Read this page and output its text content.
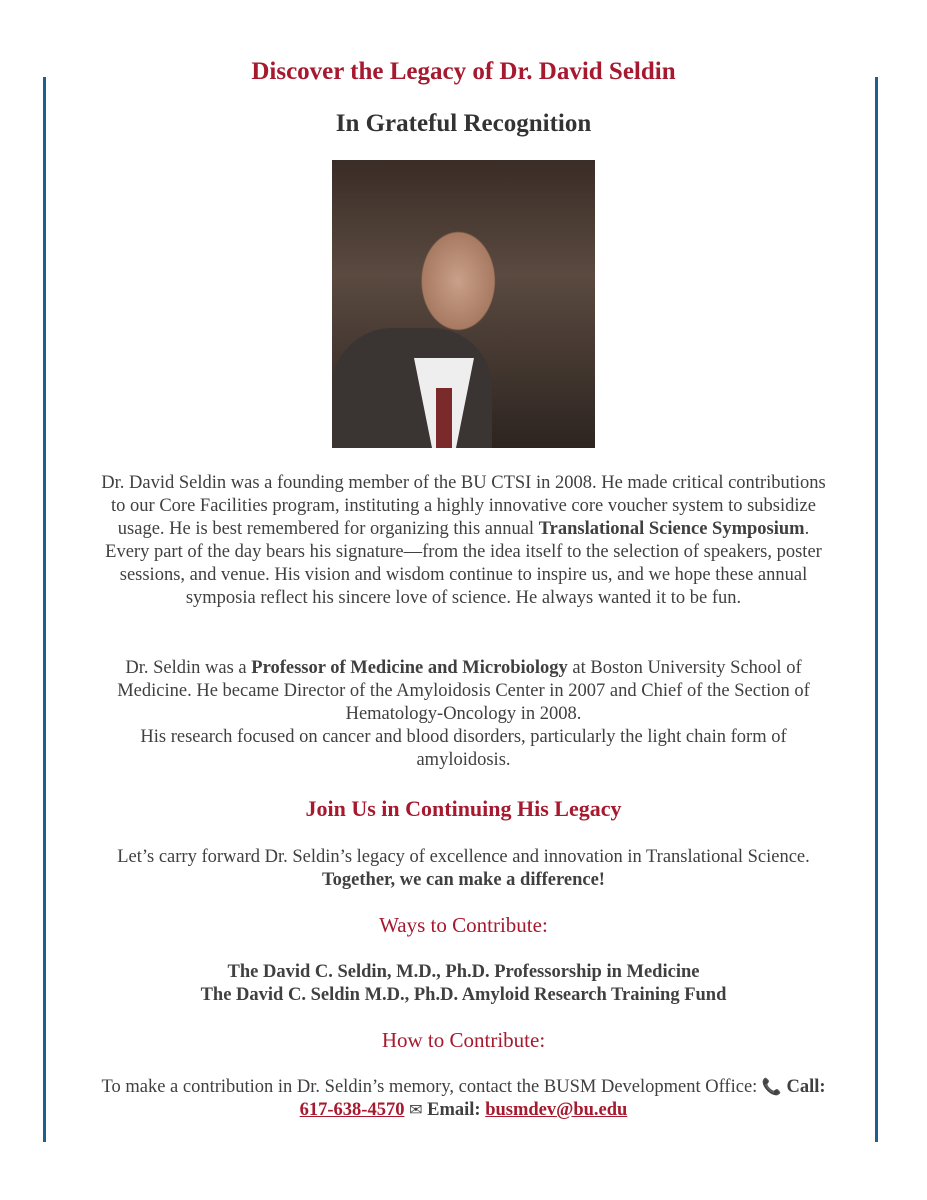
Discover the Legacy of Dr. David Seldin
In Grateful Recognition

Dr. David Seldin was a founding member of the BU CTSI in 2008. He made critical contributions to our Core Facilities program, instituting a highly innovative core voucher system to subsidize usage. He is best remembered for organizing this annual Translational Science Symposium. Every part of the day bears his signature—from the idea itself to the selection of speakers, poster sessions, and venue. His vision and wisdom continue to inspire us, and we hope these annual symposia reflect his sincere love of science. He always wanted it to be fun.

Dr. Seldin was a Professor of Medicine and Microbiology at Boston University School of Medicine. He became Director of the Amyloidosis Center in 2007 and Chief of the Section of Hematology-Oncology in 2008.
His research focused on cancer and blood disorders, particularly the light chain form of amyloidosis.

Join Us in Continuing His Legacy

Let’s carry forward Dr. Seldin’s legacy of excellence and innovation in Translational Science. Together, we can make a difference!

Ways to Contribute:

The David C. Seldin, M.D., Ph.D. Professorship in Medicine
The David C. Seldin M.D., Ph.D. Amyloid Research Training Fund

How to Contribute:

To make a contribution in Dr. Seldin’s memory, contact the BUSM Development Office: 📞 Call: 617-638-4570 ✉ Email: busmdev@bu.edu
